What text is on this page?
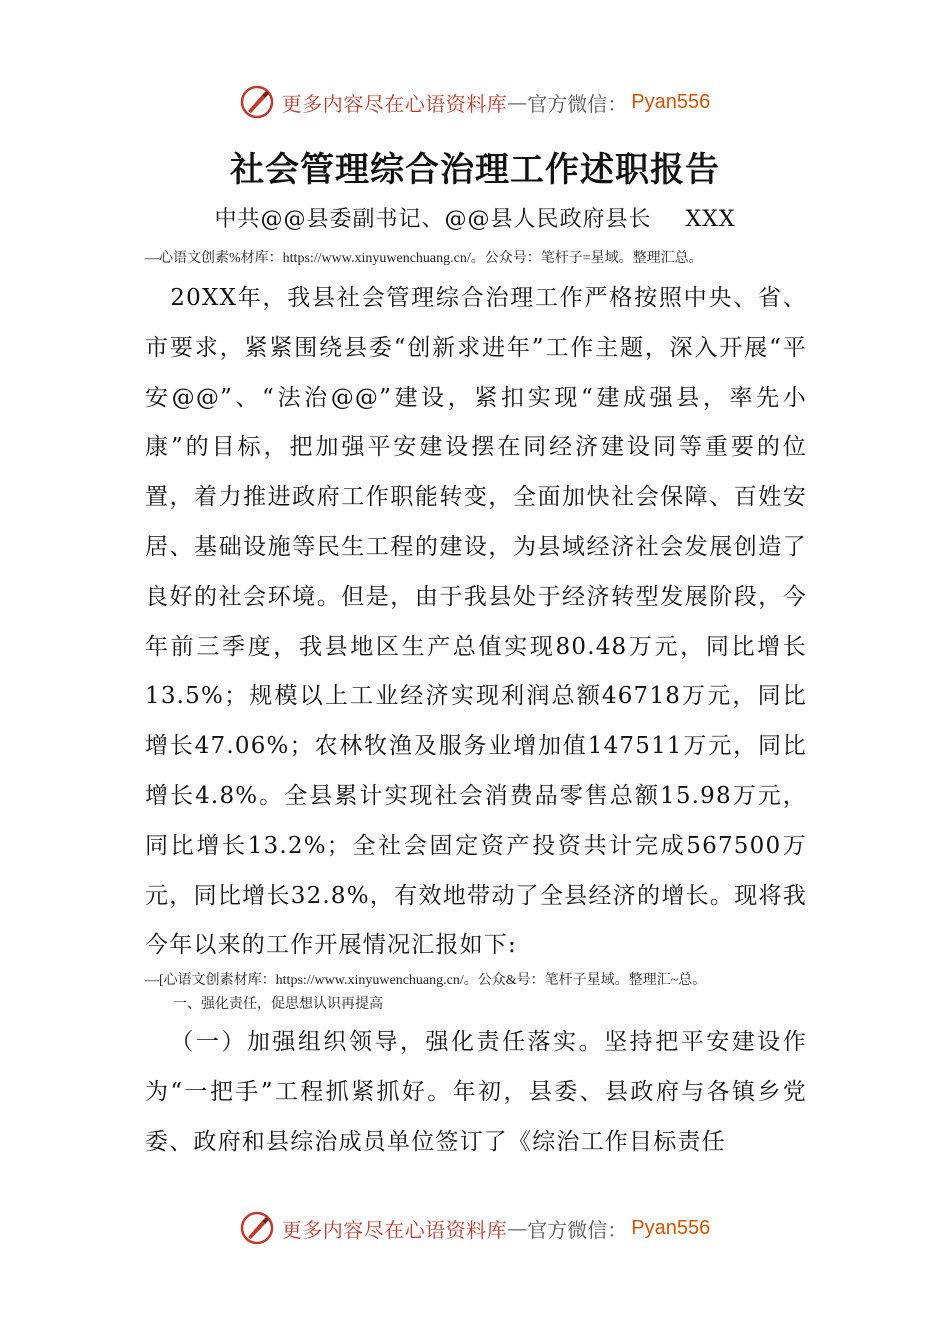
更多内容尽在心语资料库 — 官方微信： Pyan556
社会管理综合治理工作述职报告
中共@@县委副书记、@@县人民政府县长 XXX
—心语文创素%材库：https://www.xinyuwenchuang.cn/。公众号：笔杆子=星域。整理汇总。

20XX年，我县社会管理综合治理工作严格按照中央、省、市要求，紧紧围绕县委“创新求进年”工作主题，深入开展“平安@@”、“法治@@”建设，紧扣实现“建成强县，率先小康”的目标，把加强平安建设摆在同经济建设同等重要的位置，着力推进政府工作职能转变，全面加快社会保障、百姓安居、基础设施等民生工程的建设，为县域经济社会发展创造了良好的社会环境。但是，由于我县处于经济转型发展阶段，今年前三季度，我县地区生产总值实现80.48万元，同比增长13.5%；规模以上工业经济实现利润总额46718万元，同比增长47.06%；农林牧渔及服务业增加值147511万元，同比增长4.8%。全县累计实现社会消费品零售总额15.98万元，同比增长13.2%；全社会固定资产投资共计完成567500万元，同比增长32.8%，有效地带动了全县经济的增长。现将我今年以来的工作开展情况汇报如下:

—[心语文创素材库：https://www.xinyuwenchuang.cn/。公众&号：笔杆子星域。整理汇~总。
一、强化责任，促思想认识再提高

（一）加强组织领导，强化责任落实。坚持把平安建设作为“一把手”工程抓紧抓好。年初，县委、县政府与各镇乡党委、政府和县综治成员单位签订了《综治工作目标责任

更多内容尽在心语资料库 — 官方微信： Pyan556
